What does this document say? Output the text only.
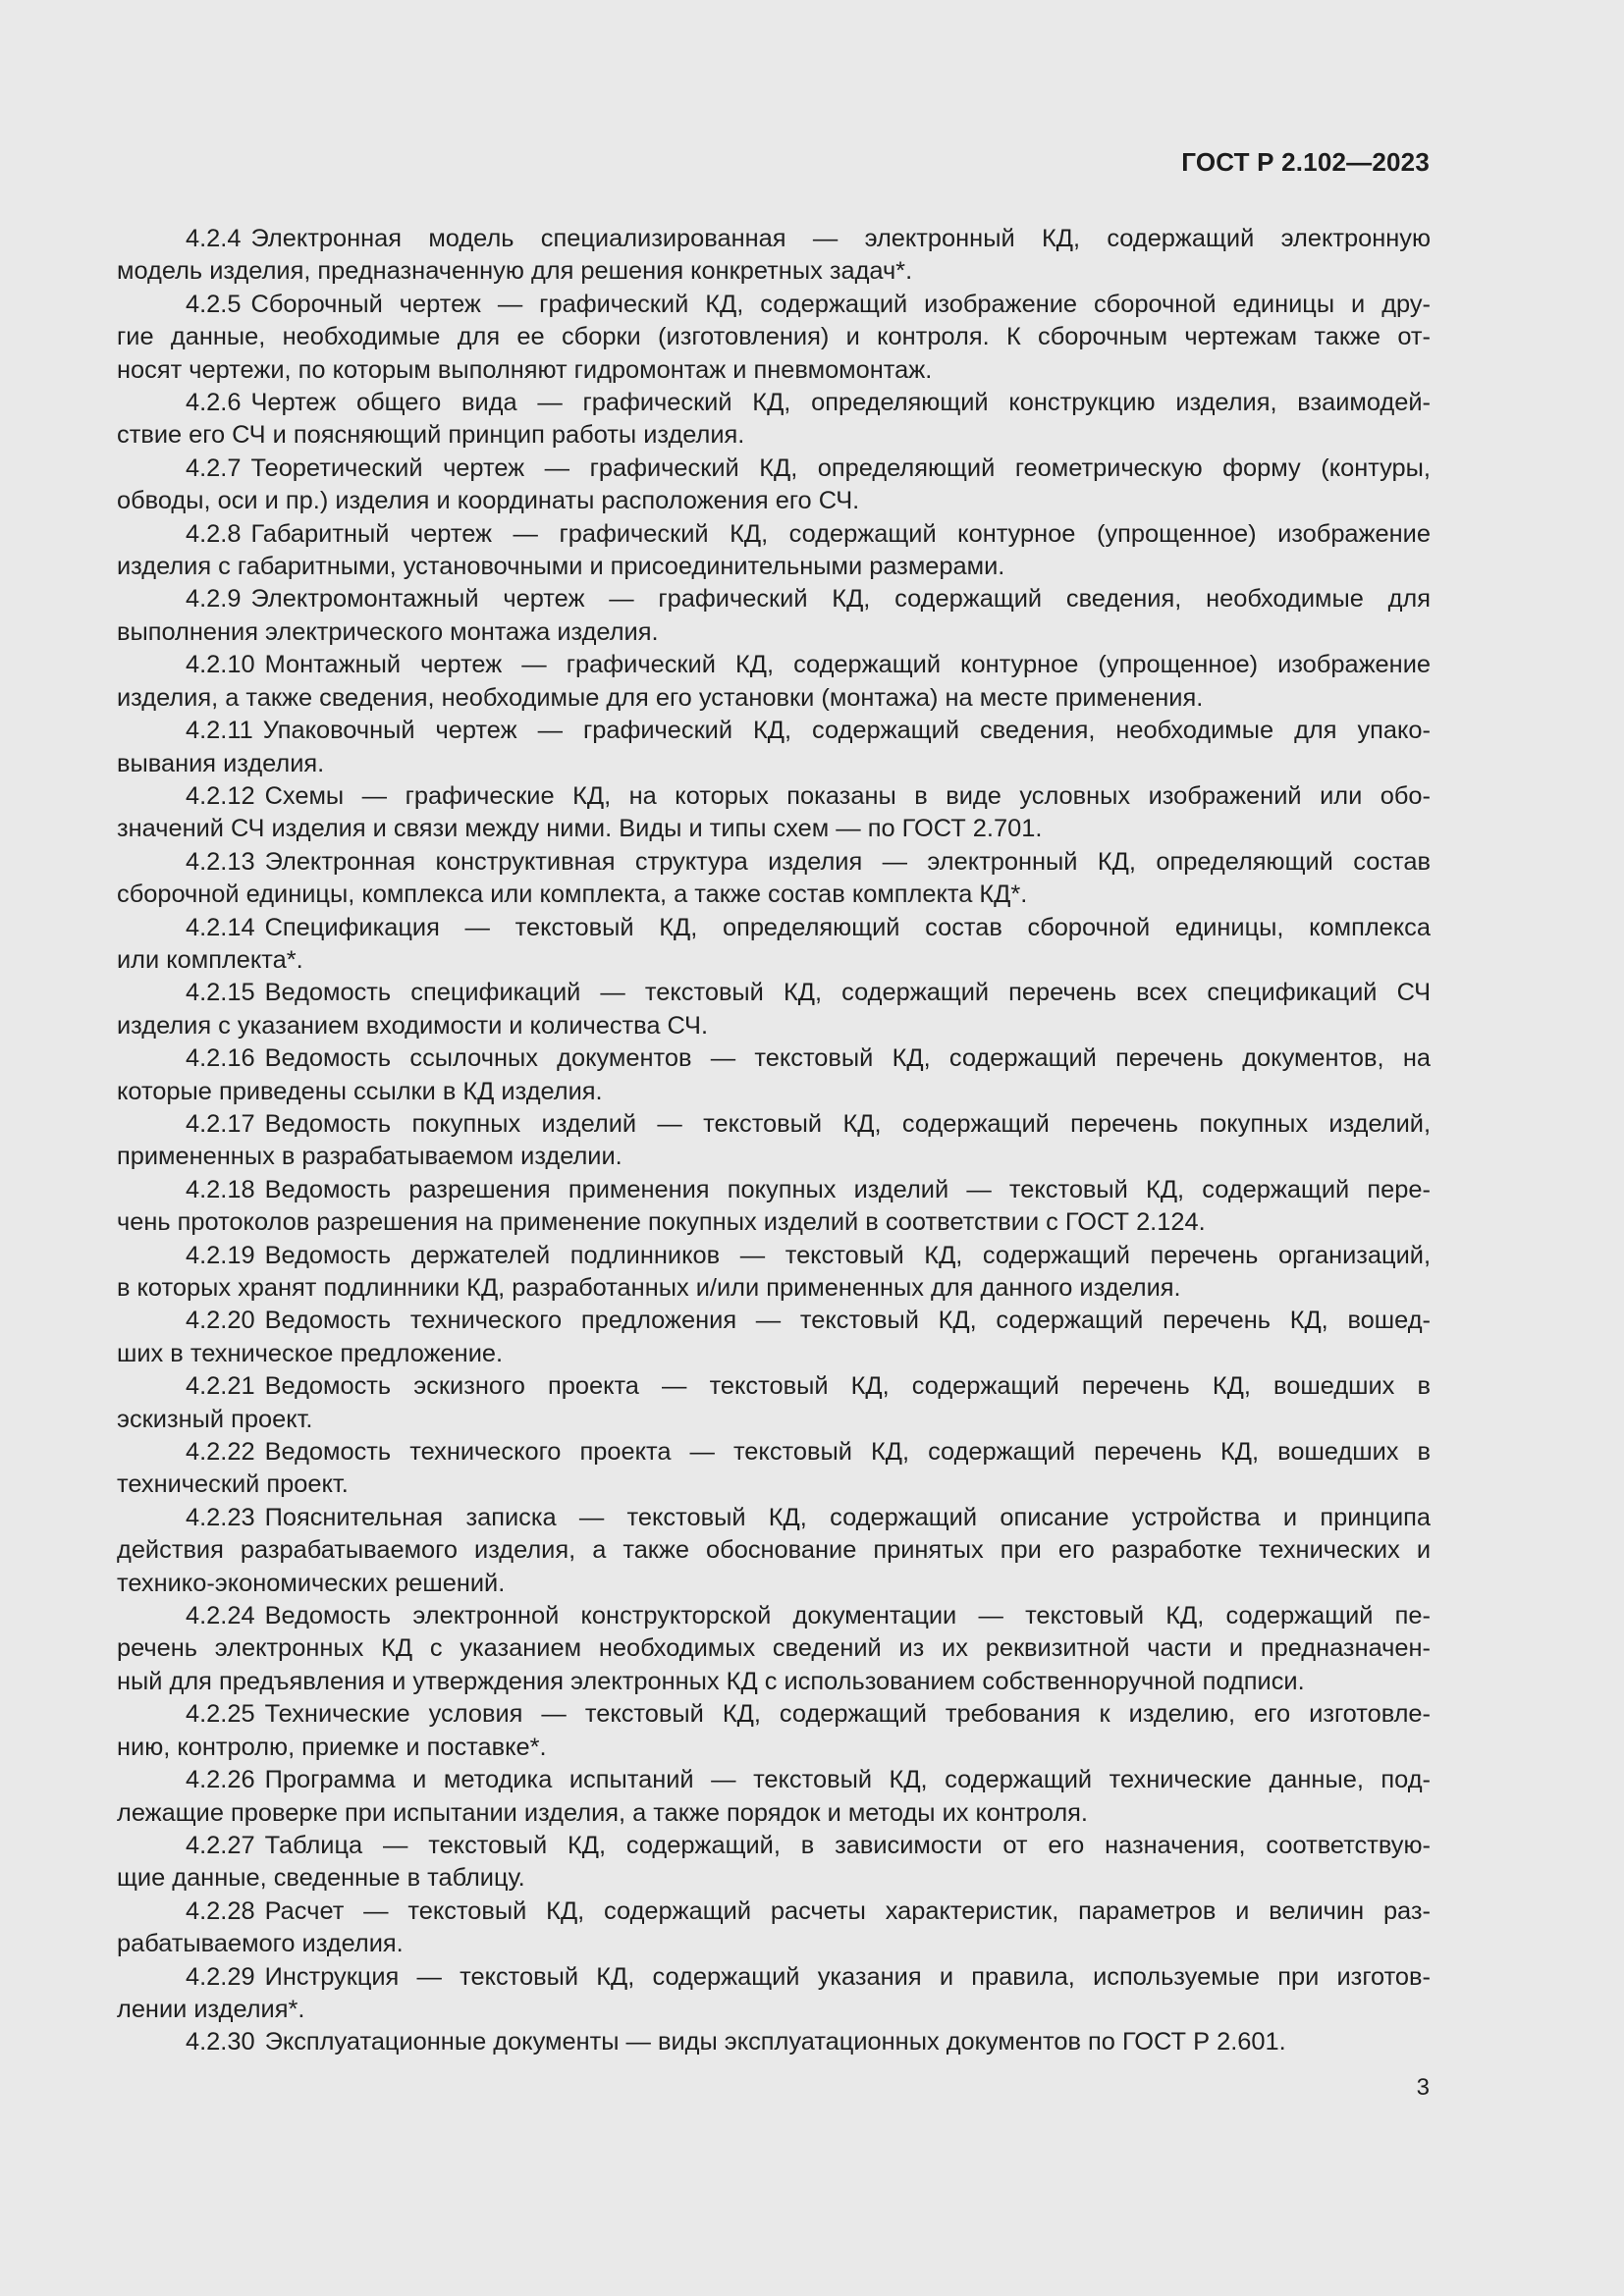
ГОСТ Р 2.102—2023
4.2.4 Электронная модель специализированная — электронный КД, содержащий электронную
модель изделия, предназначенную для решения конкретных задач*.
4.2.5 Сборочный чертеж — графический КД, содержащий изображение сборочной единицы и дру-
гие данные, необходимые для ее сборки (изготовления) и контроля. К сборочным чертежам также от-
носят чертежи, по которым выполняют гидромонтаж и пневмомонтаж.
4.2.6 Чертеж общего вида — графический КД, определяющий конструкцию изделия, взаимодей-
ствие его СЧ и поясняющий принцип работы изделия.
4.2.7 Теоретический чертеж — графический КД, определяющий геометрическую форму (контуры,
обводы, оси и пр.) изделия и координаты расположения его СЧ.
4.2.8 Габаритный чертеж — графический КД, содержащий контурное (упрощенное) изображение
изделия с габаритными, установочными и присоединительными размерами.
4.2.9 Электромонтажный чертеж — графический КД, содержащий сведения, необходимые для
выполнения электрического монтажа изделия.
4.2.10 Монтажный чертеж — графический КД, содержащий контурное (упрощенное) изображение
изделия, а также сведения, необходимые для его установки (монтажа) на месте применения.
4.2.11 Упаковочный чертеж — графический КД, содержащий сведения, необходимые для упако-
вывания изделия.
4.2.12 Схемы — графические КД, на которых показаны в виде условных изображений или обо-
значений СЧ изделия и связи между ними. Виды и типы схем — по ГОСТ 2.701.
4.2.13 Электронная конструктивная структура изделия — электронный КД, определяющий состав
сборочной единицы, комплекса или комплекта, а также состав комплекта КД*.
4.2.14 Спецификация — текстовый КД, определяющий состав сборочной единицы, комплекса
или комплекта*.
4.2.15 Ведомость спецификаций — текстовый КД, содержащий перечень всех спецификаций СЧ
изделия с указанием входимости и количества СЧ.
4.2.16 Ведомость ссылочных документов — текстовый КД, содержащий перечень документов, на
которые приведены ссылки в КД изделия.
4.2.17 Ведомость покупных изделий — текстовый КД, содержащий перечень покупных изделий,
примененных в разрабатываемом изделии.
4.2.18 Ведомость разрешения применения покупных изделий — текстовый КД, содержащий пере-
чень протоколов разрешения на применение покупных изделий в соответствии с ГОСТ 2.124.
4.2.19 Ведомость держателей подлинников — текстовый КД, содержащий перечень организаций,
в которых хранят подлинники КД, разработанных и/или примененных для данного изделия.
4.2.20 Ведомость технического предложения — текстовый КД, содержащий перечень КД, вошед-
ших в техническое предложение.
4.2.21 Ведомость эскизного проекта — текстовый КД, содержащий перечень КД, вошедших в
эскизный проект.
4.2.22 Ведомость технического проекта — текстовый КД, содержащий перечень КД, вошедших в
технический проект.
4.2.23 Пояснительная записка — текстовый КД, содержащий описание устройства и принципа
действия разрабатываемого изделия, а также обоснование принятых при его разработке технических и
технико-экономических решений.
4.2.24 Ведомость электронной конструкторской документации — текстовый КД, содержащий пе-
речень электронных КД с указанием необходимых сведений из их реквизитной части и предназначен-
ный для предъявления и утверждения электронных КД с использованием собственноручной подписи.
4.2.25 Технические условия — текстовый КД, содержащий требования к изделию, его изготовле-
нию, контролю, приемке и поставке*.
4.2.26 Программа и методика испытаний — текстовый КД, содержащий технические данные, под-
лежащие проверке при испытании изделия, а также порядок и методы их контроля.
4.2.27 Таблица — текстовый КД, содержащий, в зависимости от его назначения, соответствую-
щие данные, сведенные в таблицу.
4.2.28 Расчет — текстовый КД, содержащий расчеты характеристик, параметров и величин раз-
рабатываемого изделия.
4.2.29 Инструкция — текстовый КД, содержащий указания и правила, используемые при изготов-
лении изделия*.
4.2.30 Эксплуатационные документы — виды эксплуатационных документов по ГОСТ Р 2.601.
3
